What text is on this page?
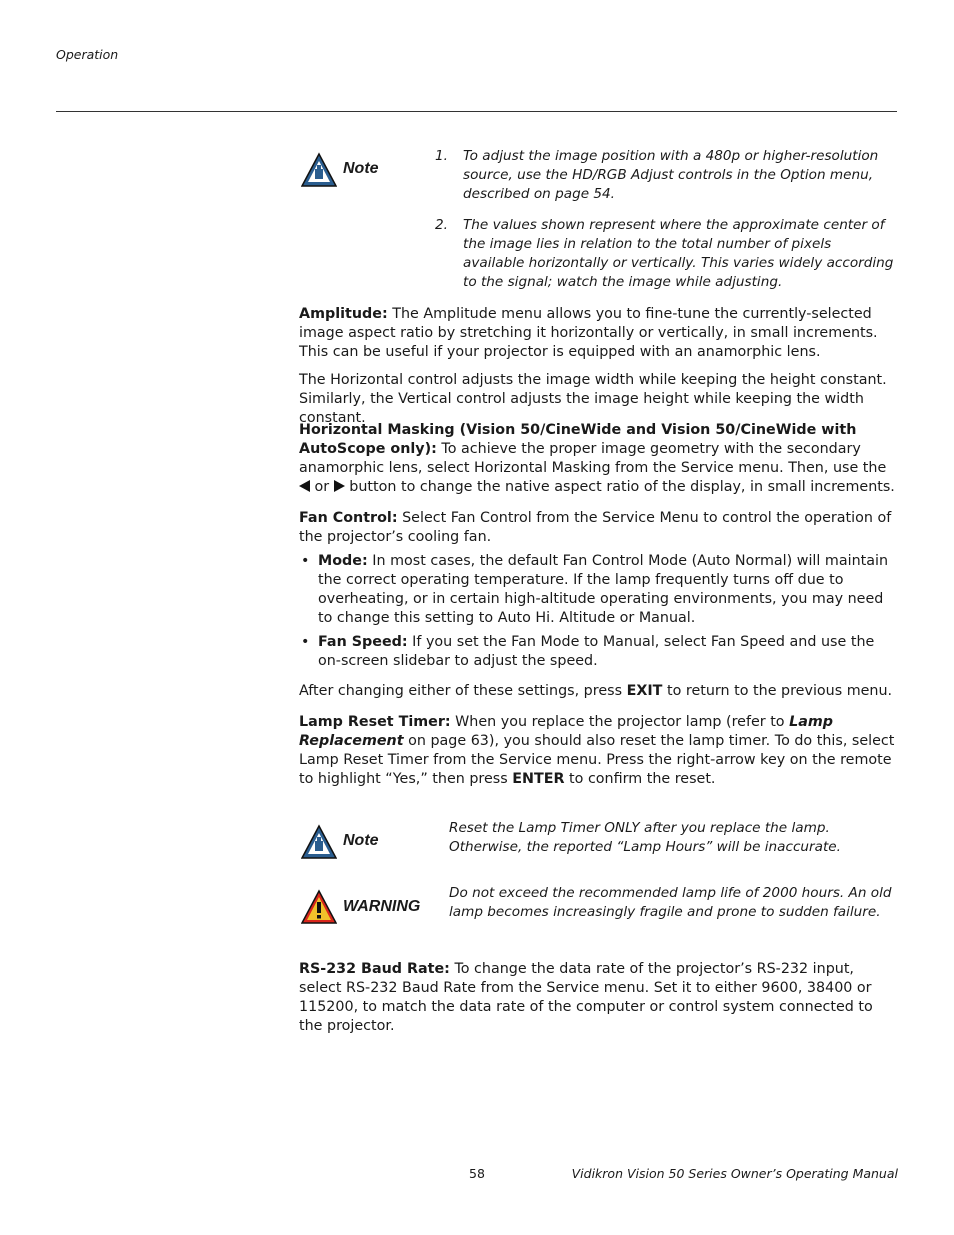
Operation
Note

1. To adjust the image position with a 480p or higher-resolution source, use the HD/RGB Adjust controls in the Option menu, described on page 54.

2. The values shown represent where the approximate center of the image lies in relation to the total number of pixels available horizontally or vertically. This varies widely according to the signal; watch the image while adjusting.

Amplitude: The Amplitude menu allows you to fine-tune the currently-selected image aspect ratio by stretching it horizontally or vertically, in small increments. This can be useful if your projector is equipped with an anamorphic lens.

The Horizontal control adjusts the image width while keeping the height constant. Similarly, the Vertical control adjusts the image height while keeping the width constant.

Horizontal Masking (Vision 50/CineWide and Vision 50/CineWide with AutoScope only): To achieve the proper image geometry with the secondary anamorphic lens, select Horizontal Masking from the Service menu. Then, use the  or  button to change the native aspect ratio of the display, in small increments.

Fan Control: Select Fan Control from the Service Menu to control the operation of the projector’s cooling fan.

• Mode: In most cases, the default Fan Control Mode (Auto Normal) will maintain the correct operating temperature. If the lamp frequently turns off due to overheating, or in certain high-altitude operating environments, you may need to change this setting to Auto Hi. Altitude or Manual.
• Fan Speed: If you set the Fan Mode to Manual, select Fan Speed and use the on-screen slidebar to adjust the speed.

After changing either of these settings, press EXIT to return to the previous menu.

Lamp Reset Timer: When you replace the projector lamp (refer to Lamp Replacement on page 63), you should also reset the lamp timer. To do this, select Lamp Reset Timer from the Service menu. Press the right-arrow key on the remote to highlight “Yes,” then press ENTER to confirm the reset.

Note
Reset the Lamp Timer ONLY after you replace the lamp. Otherwise, the reported “Lamp Hours” will be inaccurate.
WARNING
Do not exceed the recommended lamp life of 2000 hours. An old lamp becomes increasingly fragile and prone to sudden failure.

RS-232 Baud Rate: To change the data rate of the projector’s RS-232 input, select RS-232 Baud Rate from the Service menu. Set it to either 9600, 38400 or 115200, to match the data rate of the computer or control system connected to the projector.

58	Vidikron Vision 50 Series Owner’s Operating Manual
